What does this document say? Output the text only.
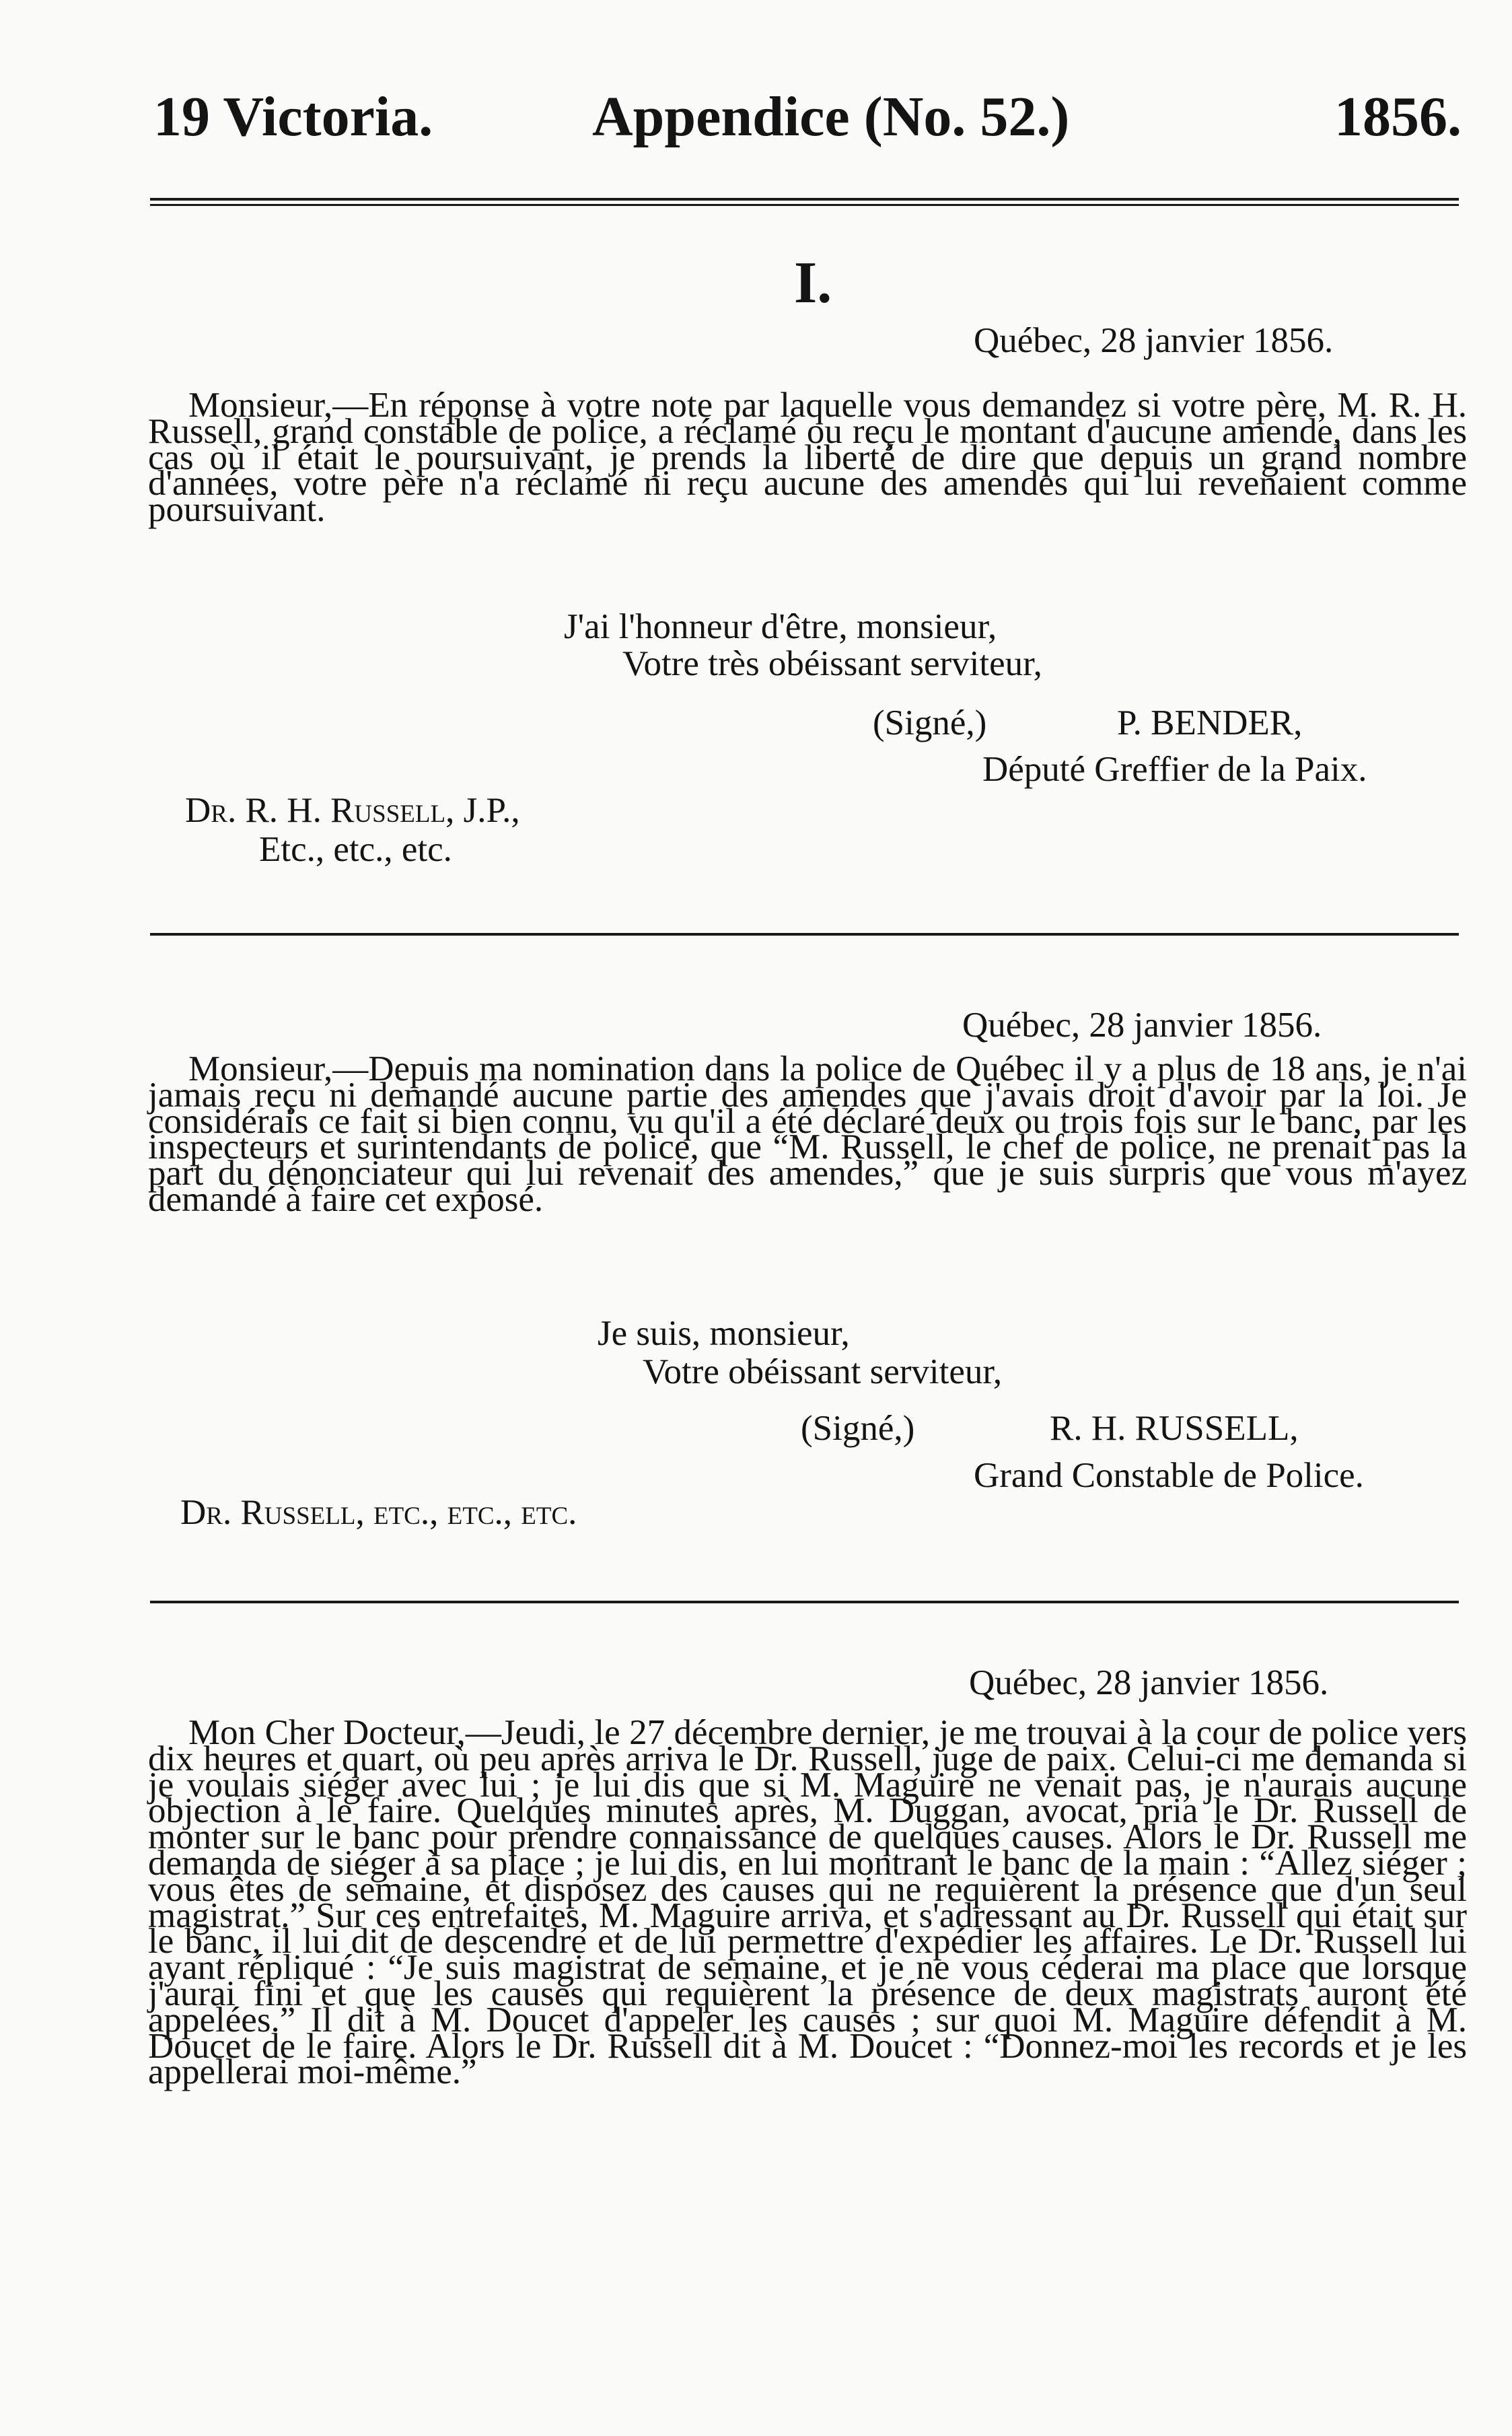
19 Victoria.	Appendice (No. 52.)	1856.
I.
Québec, 28 janvier 1856.

Monsieur,—En réponse à votre note par laquelle vous demandez si votre père, M. R. H. Russell, grand constable de police, a réclamé ou reçu le montant d'aucune amende, dans les cas où il était le poursuivant, je prends la liberté de dire que depuis un grand nombre d'années, votre père n'a réclamé ni reçu aucune des amendes qui lui revenaient comme poursuivant.

J'ai l'honneur d'être, monsieur,
Votre très obéissant serviteur,
(Signé,)	P. BENDER,
Député Greffier de la Paix.
Dr. R. H. Russell, J.P.,
Etc., etc., etc.
Québec, 28 janvier 1856.

Monsieur,—Depuis ma nomination dans la police de Québec il y a plus de 18 ans, je n'ai jamais reçu ni demandé aucune partie des amendes que j'avais droit d'avoir par la loi. Je considérais ce fait si bien connu, vu qu'il a été déclaré deux ou trois fois sur le banc, par les inspecteurs et surintendants de police, que “M. Russell, le chef de police, ne prenait pas la part du dénonciateur qui lui revenait des amendes,” que je suis surpris que vous m'ayez demandé à faire cet exposé.

Je suis, monsieur,
Votre obéissant serviteur,
(Signé,)	R. H. RUSSELL,
Grand Constable de Police.
Dr. Russell, etc., etc., etc.
Québec, 28 janvier 1856.

Mon Cher Docteur,—Jeudi, le 27 décembre dernier, je me trouvai à la cour de police vers dix heures et quart, où peu après arriva le Dr. Russell, juge de paix. Celui-ci me demanda si je voulais siéger avec lui ; je lui dis que si M. Maguire ne venait pas, je n'aurais aucune objection à le faire. Quelques minutes après, M. Duggan, avocat, pria le Dr. Russell de monter sur le banc pour prendre connaissance de quelques causes. Alors le Dr. Russell me demanda de siéger à sa place ; je lui dis, en lui montrant le banc de la main : “Allez siéger ; vous êtes de semaine, et disposez des causes qui ne requièrent la présence que d'un seul magistrat.” Sur ces entrefaites, M. Maguire arriva, et s'adressant au Dr. Russell qui était sur le banc, il lui dit de descendre et de lui permettre d'expédier les affaires. Le Dr. Russell lui ayant répliqué : “Je suis magistrat de semaine, et je ne vous céderai ma place que lorsque j'aurai fini et que les causes qui requièrent la présence de deux magistrats auront été appelées.” Il dit à M. Doucet d'appeler les causes ; sur quoi M. Maguire défendit à M. Doucet de le faire. Alors le Dr. Russell dit à M. Doucet : “Donnez-moi les records et je les appellerai moi-même.”
